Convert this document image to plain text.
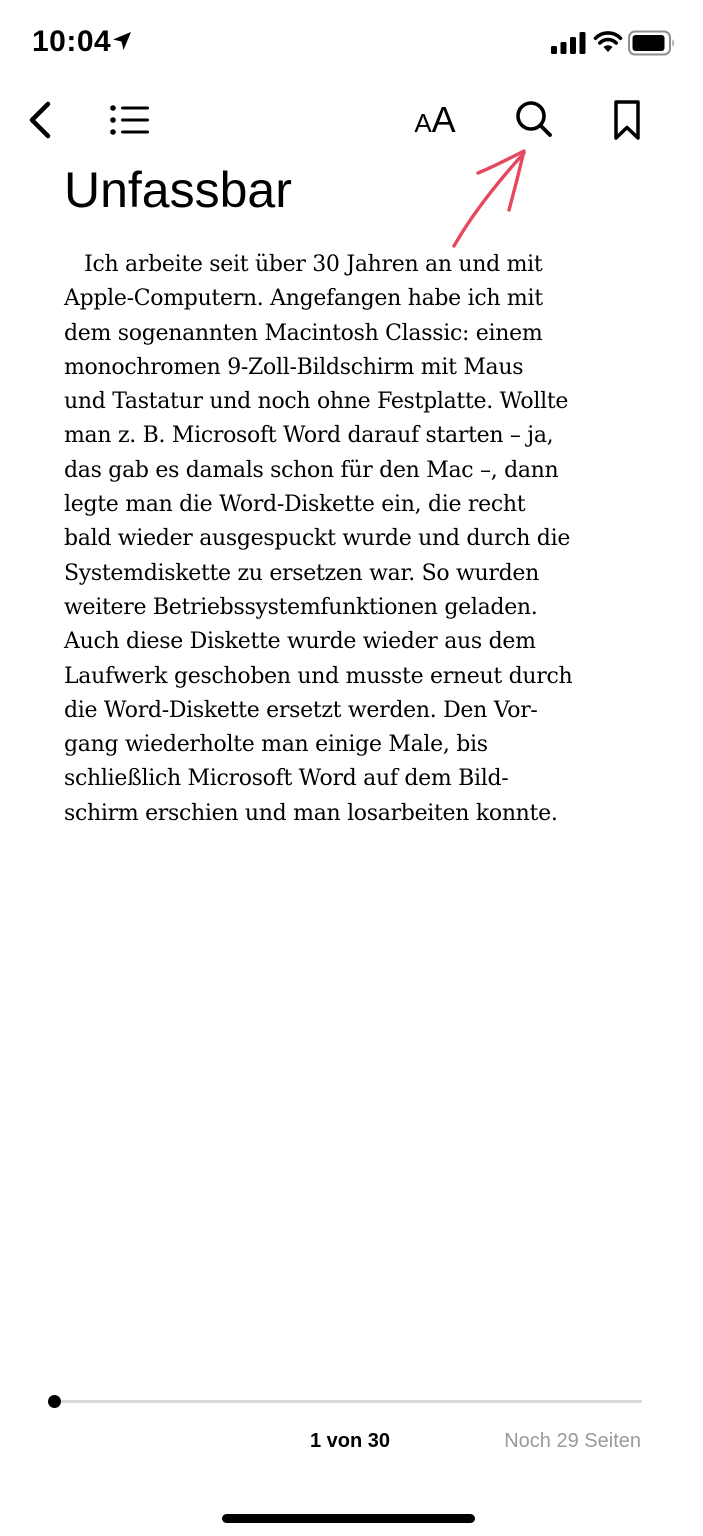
10:04
AA
Unfassbar
Ich arbeite seit über 30 Jahren an und mit
Apple-Computern. Angefangen habe ich mit
dem sogenannten Macintosh Classic: einem
monochromen 9-Zoll-Bildschirm mit Maus
und Tastatur und noch ohne Festplatte. Wollte
man z. B. Microsoft Word darauf starten – ja,
das gab es damals schon für den Mac –, dann
legte man die Word-Diskette ein, die recht
bald wieder ausgespuckt wurde und durch die
Systemdiskette zu ersetzen war. So wurden
weitere Betriebssystemfunktionen geladen.
Auch diese Diskette wurde wieder aus dem
Laufwerk geschoben und musste erneut durch
die Word-Diskette ersetzt werden. Den Vor-
gang wiederholte man einige Male, bis
schließlich Microsoft Word auf dem Bild-
schirm erschien und man losarbeiten konnte.
1 von 30	Noch 29 Seiten
